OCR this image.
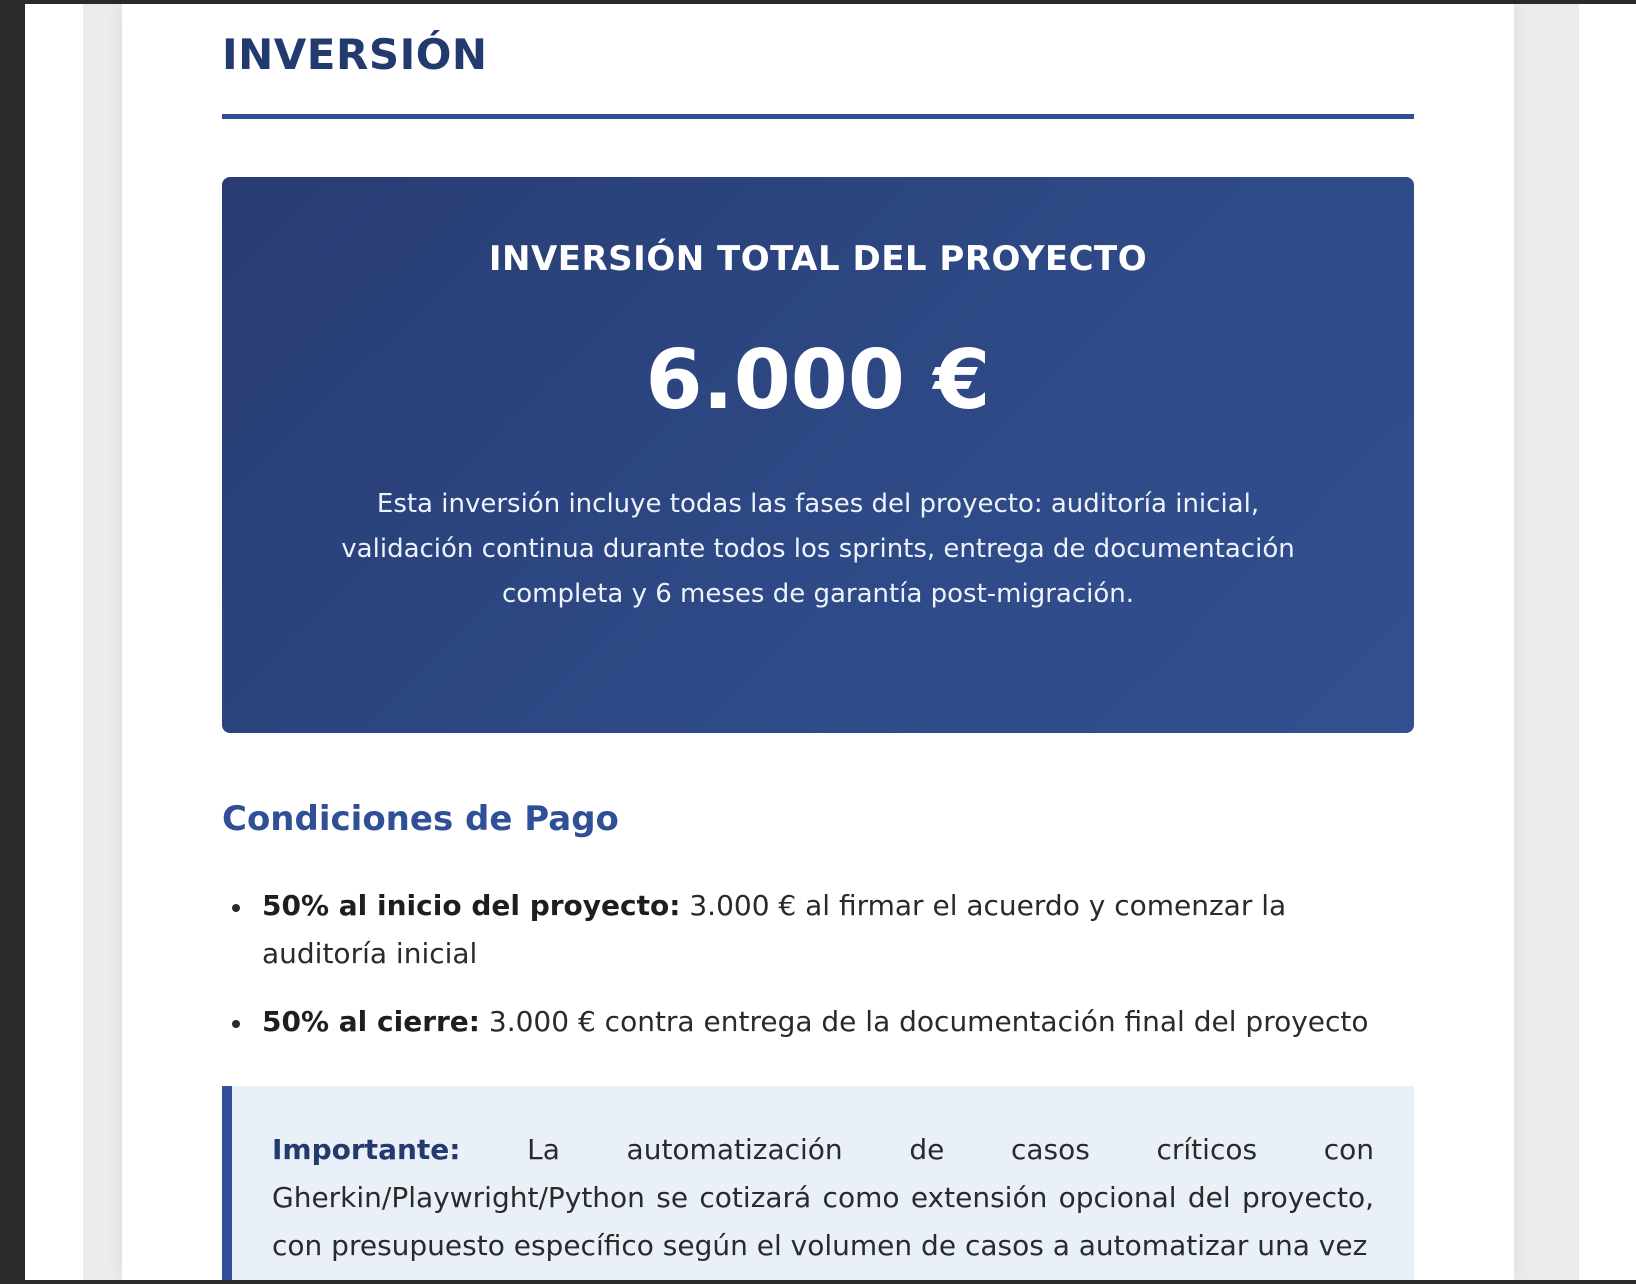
INVERSIÓN
INVERSIÓN TOTAL DEL PROYECTO
6.000 €
Esta inversión incluye todas las fases del proyecto: auditoría inicial, validación continua durante todos los sprints, entrega de documentación completa y 6 meses de garantía post-migración.
Condiciones de Pago
50% al inicio del proyecto: 3.000 € al firmar el acuerdo y comenzar la auditoría inicial
50% al cierre: 3.000 € contra entrega de la documentación final del proyecto

Importante: La automatización de casos críticos con Gherkin/Playwright/Python se cotizará como extensión opcional del proyecto, con presupuesto específico según el volumen de casos a automatizar una vez
